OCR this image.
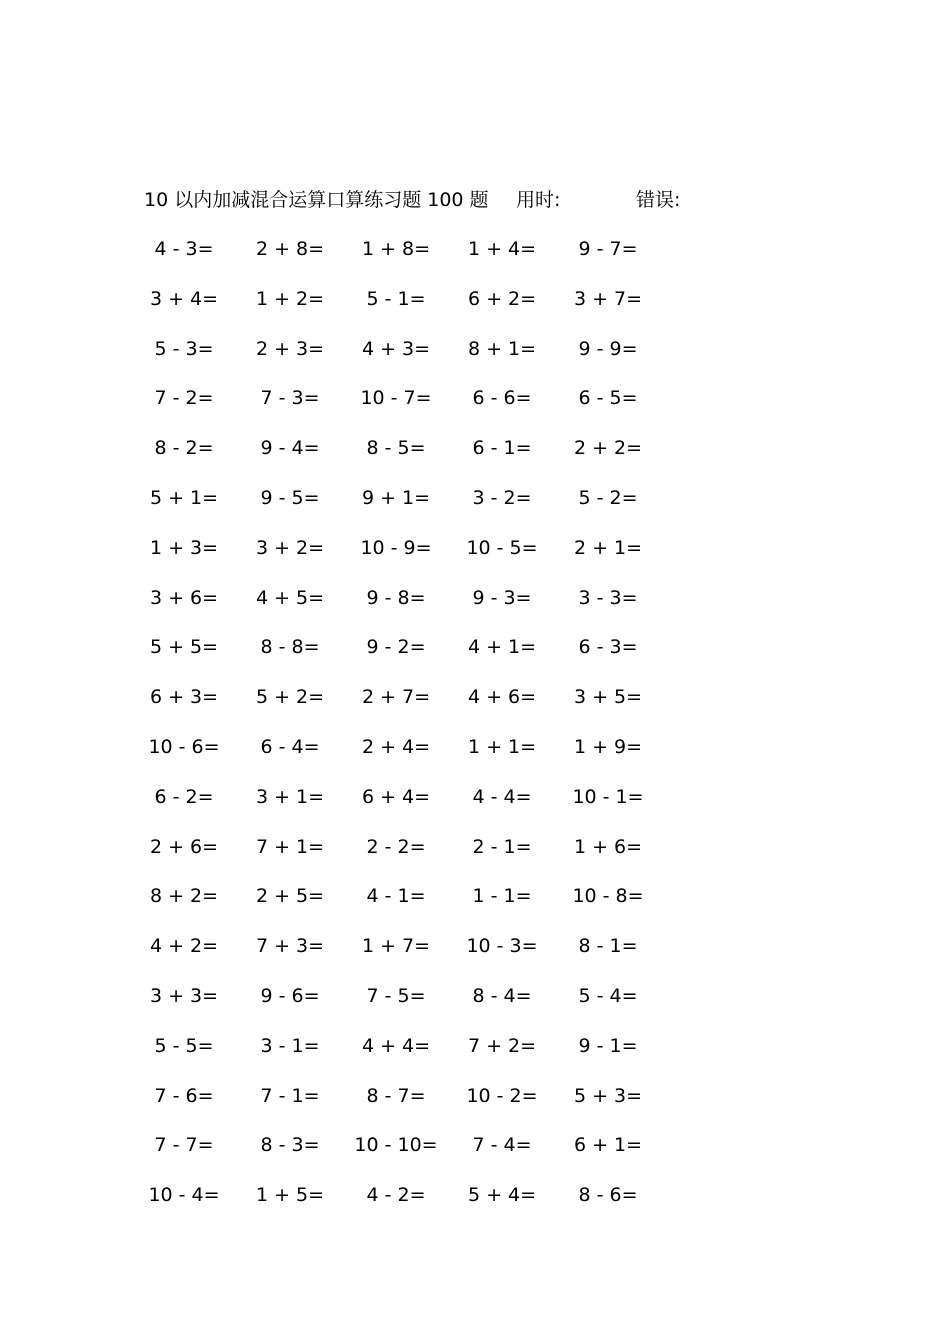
10 以内加减混合运算口算练习题 100 题 用时:	错误:
4 - 3=	2 + 8=	1 + 8=	1 + 4=	9 - 7=
3 + 4=	1 + 2=	5 - 1=	6 + 2=	3 + 7=
5 - 3=	2 + 3=	4 + 3=	8 + 1=	9 - 9=
7 - 2=	7 - 3=	10 - 7=	6 - 6=	6 - 5=
8 - 2=	9 - 4=	8 - 5=	6 - 1=	2 + 2=
5 + 1=	9 - 5=	9 + 1=	3 - 2=	5 - 2=
1 + 3=	3 + 2=	10 - 9=	10 - 5=	2 + 1=
3 + 6=	4 + 5=	9 - 8=	9 - 3=	3 - 3=
5 + 5=	8 - 8=	9 - 2=	4 + 1=	6 - 3=
6 + 3=	5 + 2=	2 + 7=	4 + 6=	3 + 5=
10 - 6=	6 - 4=	2 + 4=	1 + 1=	1 + 9=
6 - 2=	3 + 1=	6 + 4=	4 - 4=	10 - 1=
2 + 6=	7 + 1=	2 - 2=	2 - 1=	1 + 6=
8 + 2=	2 + 5=	4 - 1=	1 - 1=	10 - 8=
4 + 2=	7 + 3=	1 + 7=	10 - 3=	8 - 1=
3 + 3=	9 - 6=	7 - 5=	8 - 4=	5 - 4=
5 - 5=	3 - 1=	4 + 4=	7 + 2=	9 - 1=
7 - 6=	7 - 1=	8 - 7=	10 - 2=	5 + 3=
7 - 7=	8 - 3=	10 - 10=	7 - 4=	6 + 1=
10 - 4=	1 + 5=	4 - 2=	5 + 4=	8 - 6=
